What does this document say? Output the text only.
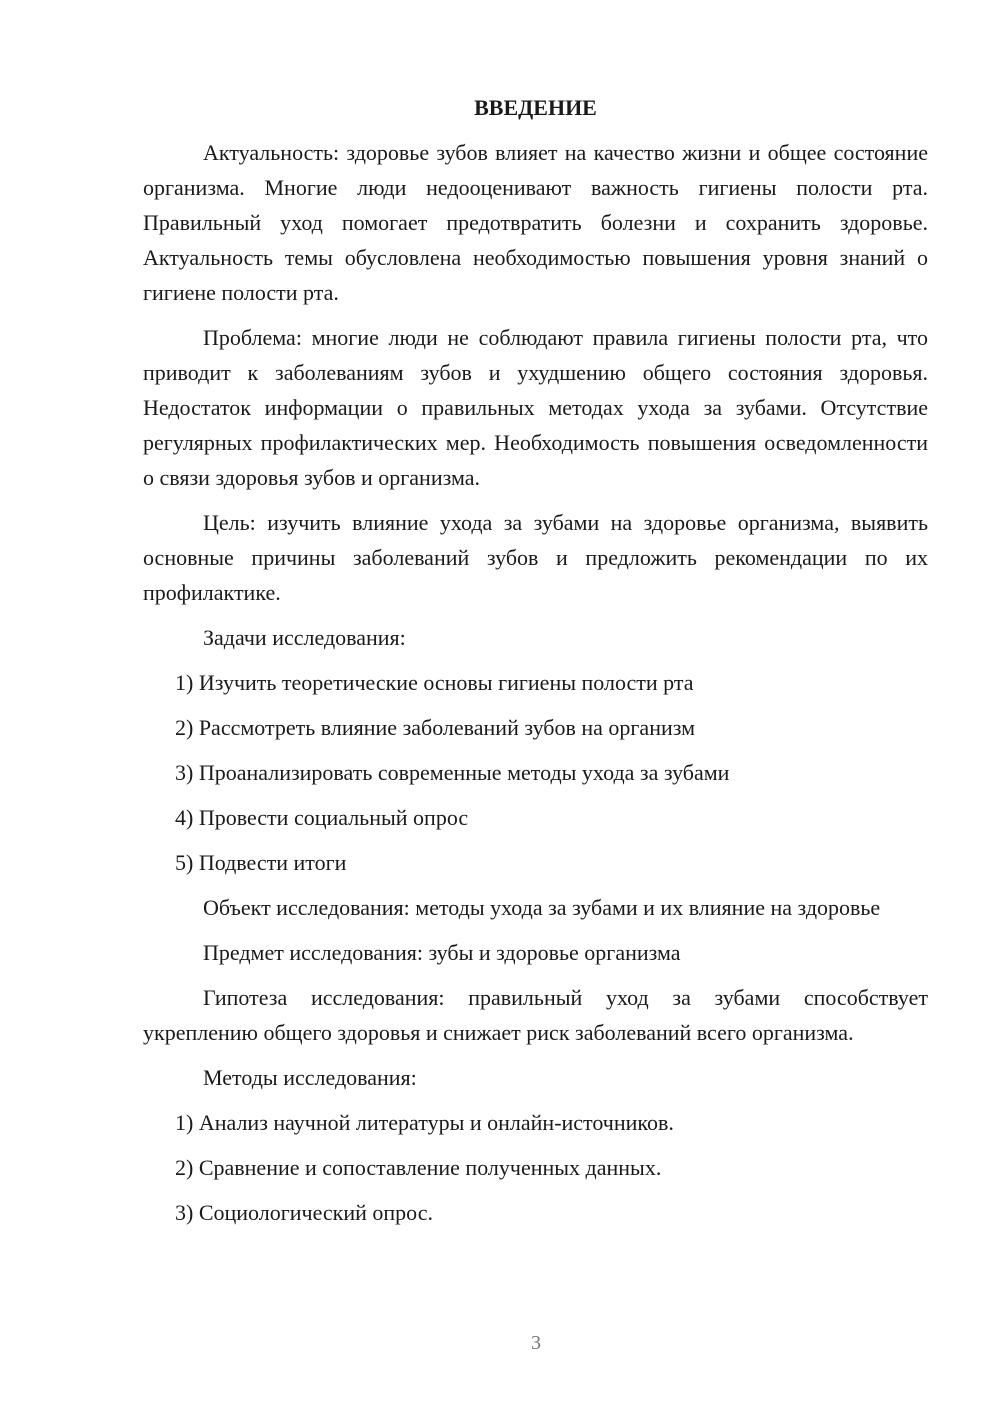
ВВЕДЕНИЕ

Актуальность: здоровье зубов влияет на качество жизни и общее состояние организма. Многие люди недооценивают важность гигиены полости рта. Правильный уход помогает предотвратить болезни и сохранить здоровье. Актуальность темы обусловлена необходимостью повышения уровня знаний о гигиене полости рта.

Проблема: многие люди не соблюдают правила гигиены полости рта, что приводит к заболеваниям зубов и ухудшению общего состояния здоровья. Недостаток информации о правильных методах ухода за зубами. Отсутствие регулярных профилактических мер. Необходимость повышения осведомленности о связи здоровья зубов и организма.

Цель: изучить влияние ухода за зубами на здоровье организма, выявить основные причины заболеваний зубов и предложить рекомендации по их профилактике.

Задачи исследования:

1) Изучить теоретические основы гигиены полости рта
2) Рассмотреть влияние заболеваний зубов на организм
3) Проанализировать современные методы ухода за зубами
4) Провести социальный опрос
5) Подвести итоги

Объект исследования: методы ухода за зубами и их влияние на здоровье

Предмет исследования: зубы и здоровье организма

Гипотеза исследования: правильный уход за зубами способствует укреплению общего здоровья и снижает риск заболеваний всего организма.

Методы исследования:

1) Анализ научной литературы и онлайн-источников.
2) Сравнение и сопоставление полученных данных.
3) Социологический опрос.
3
